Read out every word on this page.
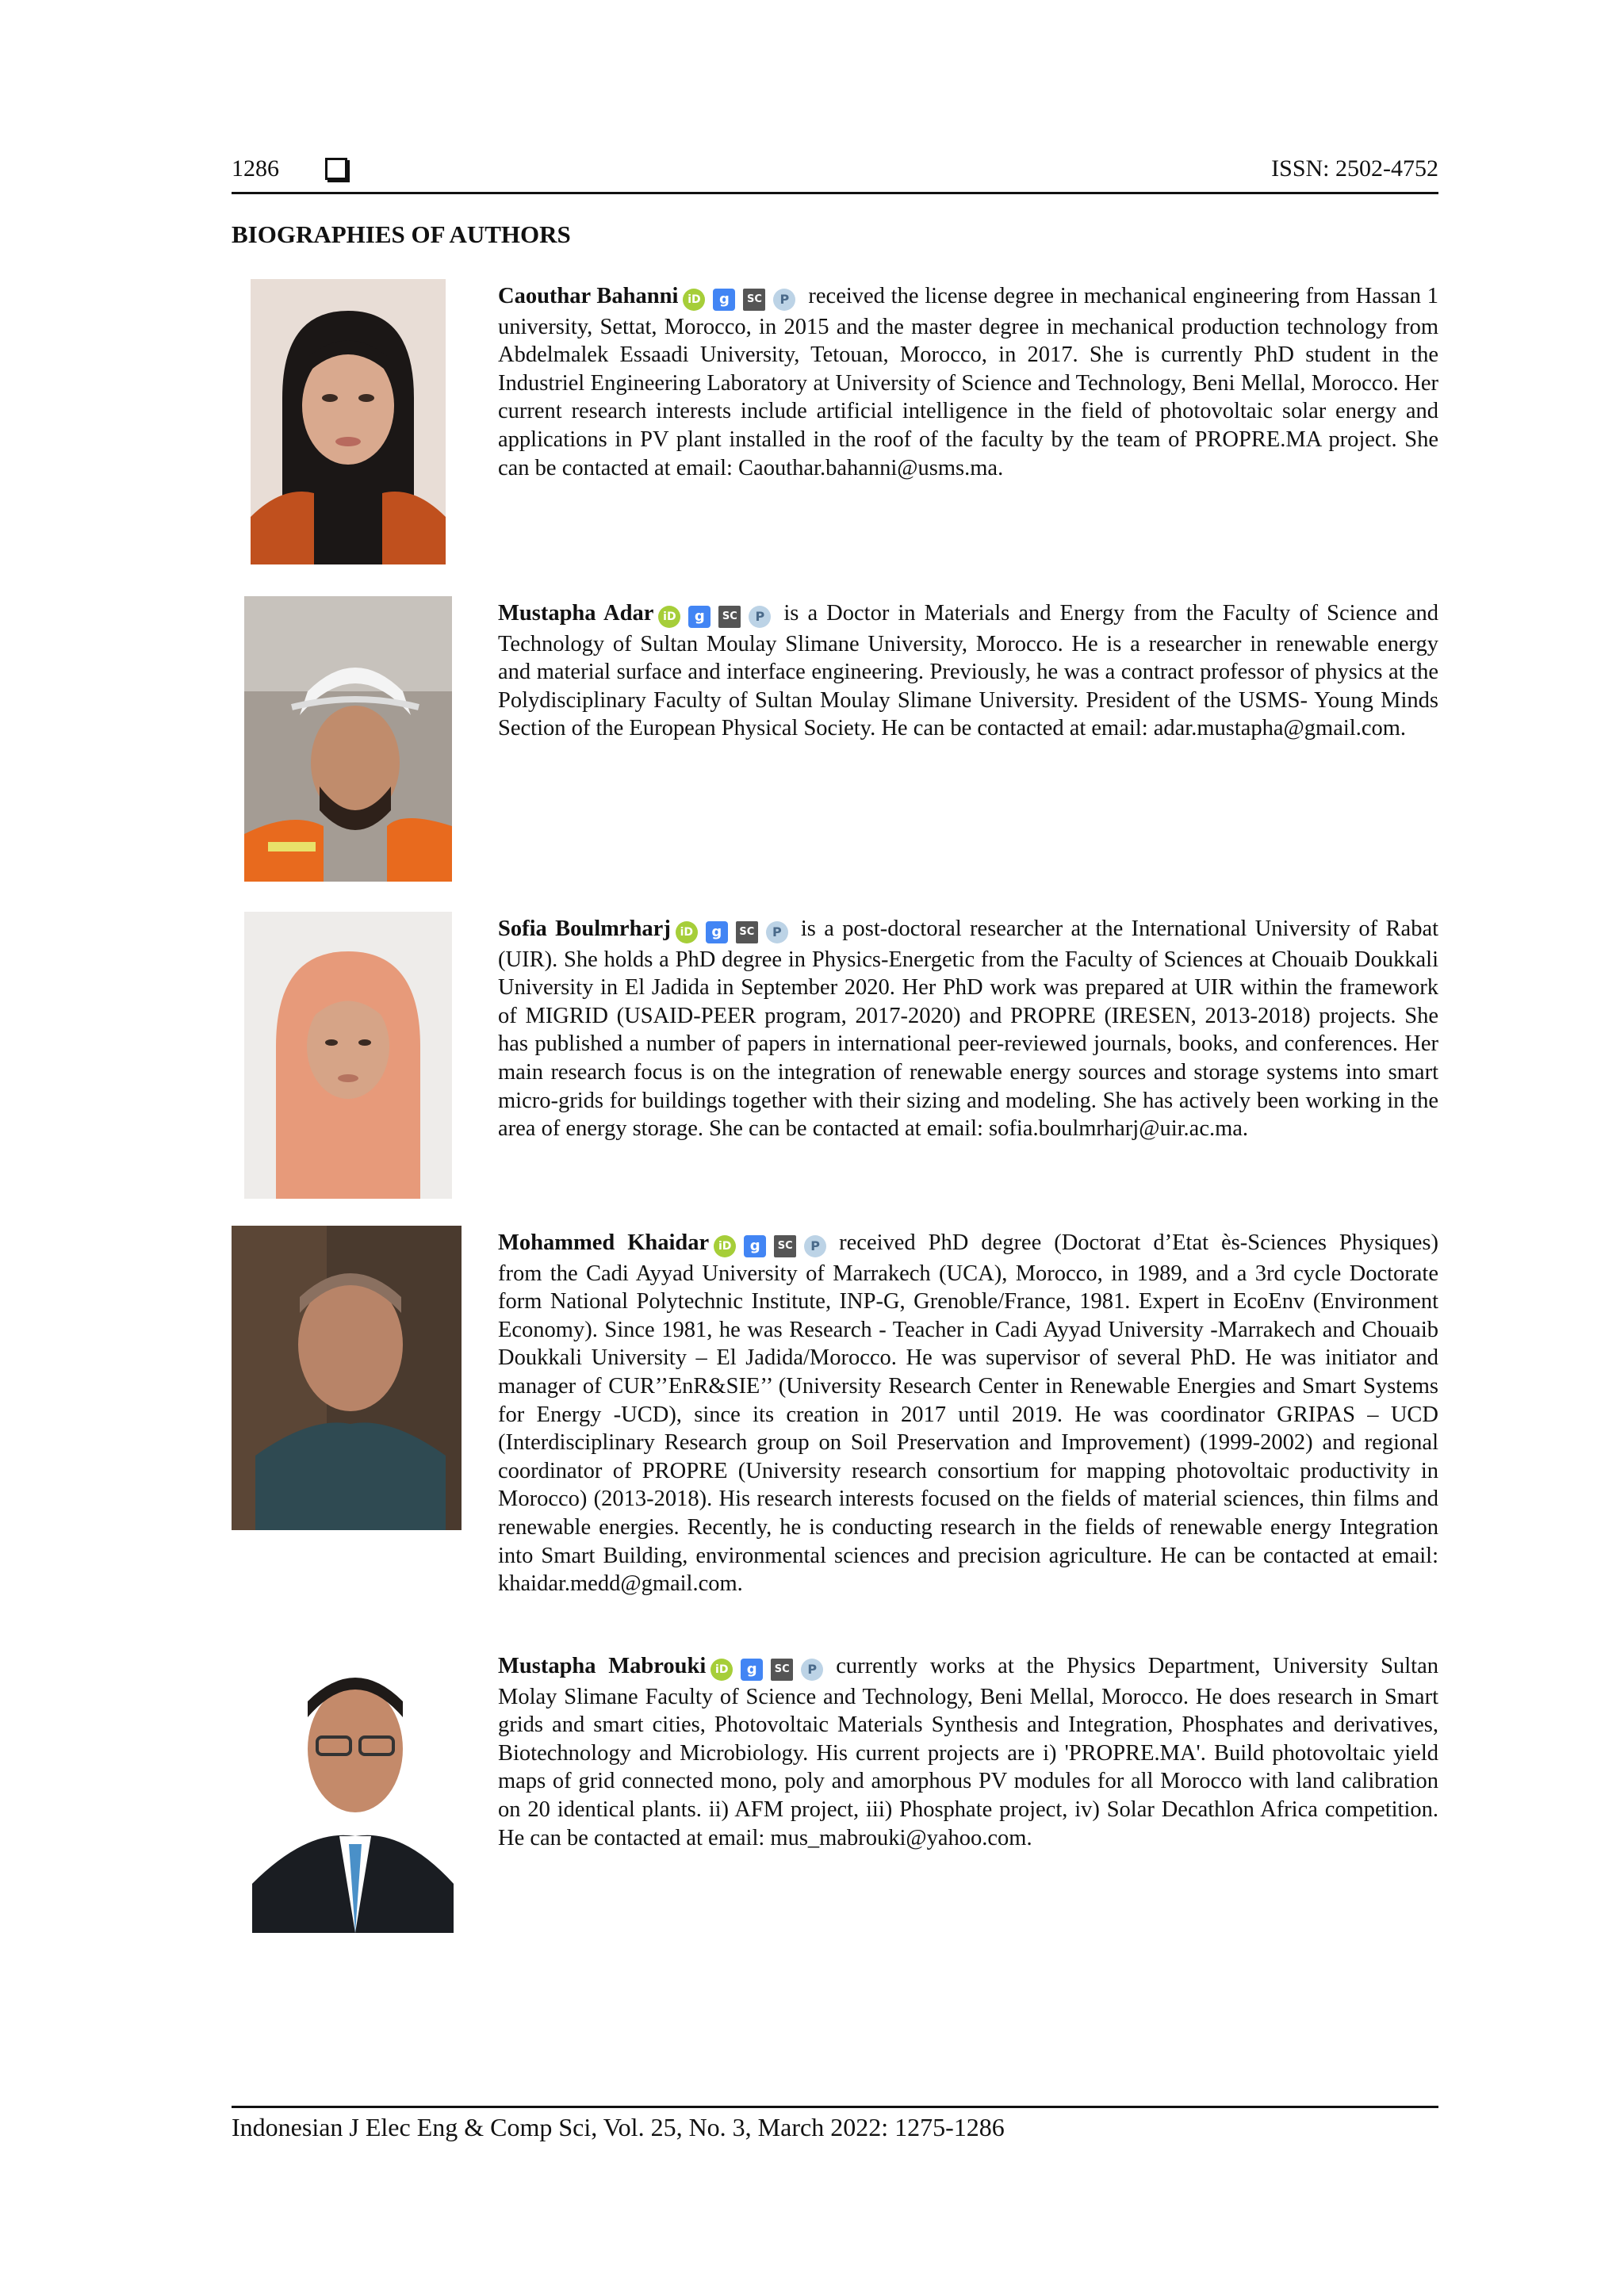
1286	ISSN: 2502-4752
BIOGRAPHIES OF AUTHORS

Caouthar Bahanni iD g SC P received the license degree in mechanical engineering from Hassan 1 university, Settat, Morocco, in 2015 and the master degree in mechanical production technology from Abdelmalek Essaadi University, Tetouan, Morocco, in 2017. She is currently PhD student in the Industriel Engineering Laboratory at University of Science and Technology, Beni Mellal, Morocco. Her current research interests include artificial intelligence in the field of photovoltaic solar energy and applications in PV plant installed in the roof of the faculty by the team of PROPRE.MA project. She can be contacted at email: Caouthar.bahanni@usms.ma.

Mustapha Adar iD g SC P is a Doctor in Materials and Energy from the Faculty of Science and Technology of Sultan Moulay Slimane University, Morocco. He is a researcher in renewable energy and material surface and interface engineering. Previously, he was a contract professor of physics at the Polydisciplinary Faculty of Sultan Moulay Slimane University. President of the USMS- Young Minds Section of the European Physical Society. He can be contacted at email: adar.mustapha@gmail.com.

Sofia Boulmrharj iD g SC P is a post-doctoral researcher at the International University of Rabat (UIR). She holds a PhD degree in Physics-Energetic from the Faculty of Sciences at Chouaib Doukkali University in El Jadida in September 2020. Her PhD work was prepared at UIR within the framework of MIGRID (USAID-PEER program, 2017-2020) and PROPRE (IRESEN, 2013-2018) projects. She has published a number of papers in international peer-reviewed journals, books, and conferences. Her main research focus is on the integration of renewable energy sources and storage systems into smart micro-grids for buildings together with their sizing and modeling. She has actively been working in the area of energy storage. She can be contacted at email: sofia.boulmrharj@uir.ac.ma.

Mohammed Khaidar iD g SC P received PhD degree (Doctorat d’Etat ès-Sciences Physiques) from the Cadi Ayyad University of Marrakech (UCA), Morocco, in 1989, and a 3rd cycle Doctorate form National Polytechnic Institute, INP-G, Grenoble/France, 1981. Expert in EcoEnv (Environment Economy). Since 1981, he was Research - Teacher in Cadi Ayyad University -Marrakech and Chouaib Doukkali University – El Jadida/Morocco. He was supervisor of several PhD. He was initiator and manager of CUR’’EnR&SIE’’ (University Research Center in Renewable Energies and Smart Systems for Energy -UCD), since its creation in 2017 until 2019. He was coordinator GRIPAS – UCD (Interdisciplinary Research group on Soil Preservation and Improvement) (1999-2002) and regional coordinator of PROPRE (University research consortium for mapping photovoltaic productivity in Morocco) (2013-2018). His research interests focused on the fields of material sciences, thin films and renewable energies. Recently, he is conducting research in the fields of renewable energy Integration into Smart Building, environmental sciences and precision agriculture. He can be contacted at email: khaidar.medd@gmail.com.

Mustapha Mabrouki iD g SC P currently works at the Physics Department, University Sultan Molay Slimane Faculty of Science and Technology, Beni Mellal, Morocco. He does research in Smart grids and smart cities, Photovoltaic Materials Synthesis and Integration, Phosphates and derivatives, Biotechnology and Microbiology. His current projects are i) 'PROPRE.MA'. Build photovoltaic yield maps of grid connected mono, poly and amorphous PV modules for all Morocco with land calibration on 20 identical plants. ii) AFM project, iii) Phosphate project, iv) Solar Decathlon Africa competition. He can be contacted at email: mus_mabrouki@yahoo.com.

Indonesian J Elec Eng & Comp Sci, Vol. 25, No. 3, March 2022: 1275-1286
